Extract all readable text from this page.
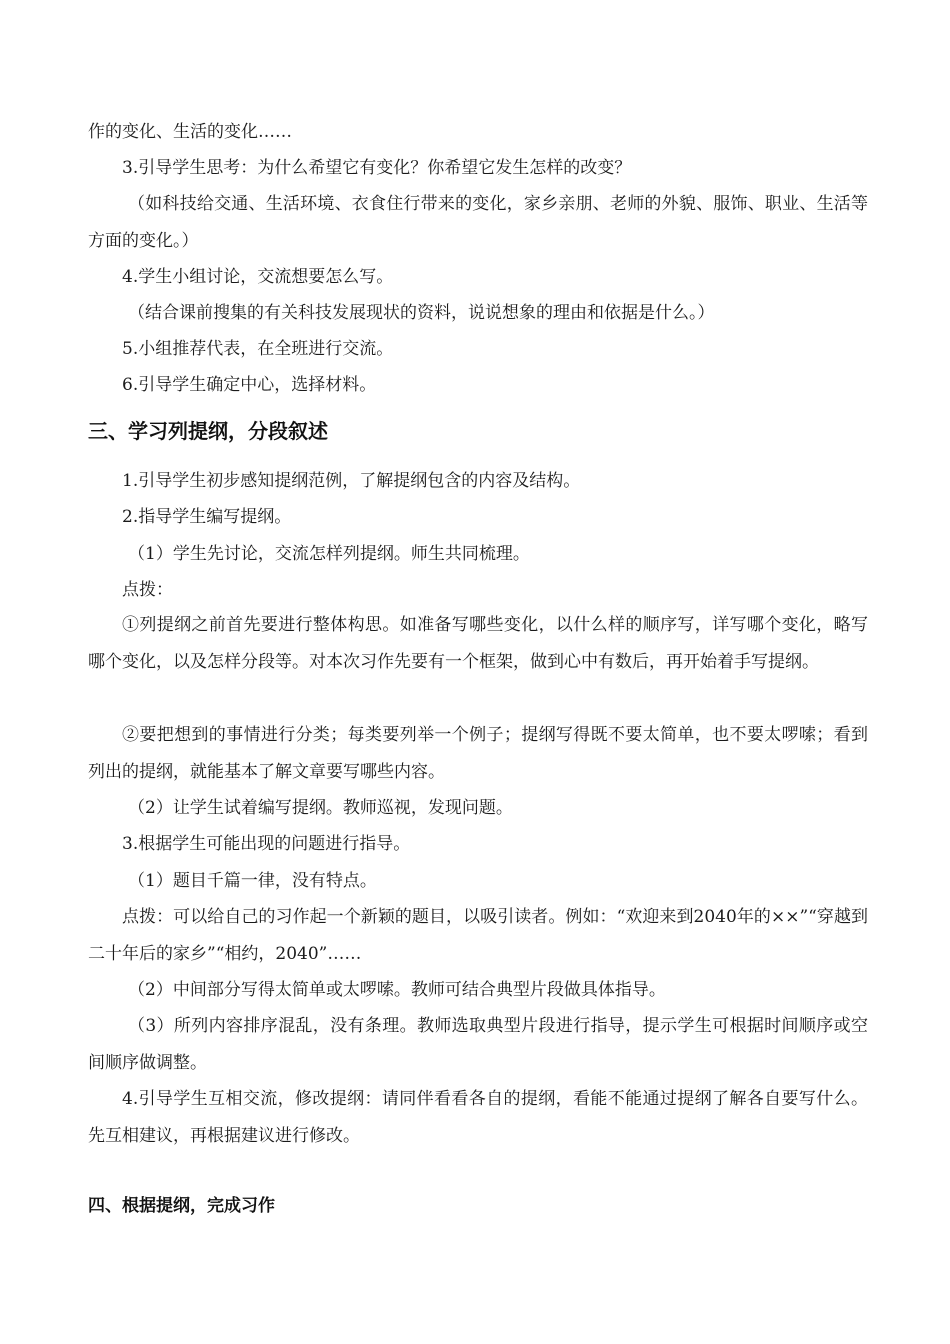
作的变化、生活的变化……

3.引导学生思考：为什么希望它有变化？你希望它发生怎样的改变？

（如科技给交通、生活环境、衣食住行带来的变化，家乡亲朋、老师的外貌、服饰、职业、生活等方面的变化。）

4.学生小组讨论，交流想要怎么写。

（结合课前搜集的有关科技发展现状的资料，说说想象的理由和依据是什么。）

5.小组推荐代表，在全班进行交流。

6.引导学生确定中心，选择材料。

三、学习列提纲，分段叙述

1.引导学生初步感知提纲范例，了解提纲包含的内容及结构。

2.指导学生编写提纲。

（1）学生先讨论，交流怎样列提纲。师生共同梳理。

点拨：

①列提纲之前首先要进行整体构思。如准备写哪些变化，以什么样的顺序写，详写哪个变化，略写哪个变化，以及怎样分段等。对本次习作先要有一个框架，做到心中有数后，再开始着手写提纲。

②要把想到的事情进行分类；每类要列举一个例子；提纲写得既不要太简单，也不要太啰嗦；看到列出的提纲，就能基本了解文章要写哪些内容。

（2）让学生试着编写提纲。教师巡视，发现问题。

3.根据学生可能出现的问题进行指导。

（1）题目千篇一律，没有特点。

点拨：可以给自己的习作起一个新颖的题目，以吸引读者。例如：“欢迎来到2040年的××”“穿越到二十年后的家乡”“相约，2040”……

（2）中间部分写得太简单或太啰嗦。教师可结合典型片段做具体指导。

（3）所列内容排序混乱，没有条理。教师选取典型片段进行指导，提示学生可根据时间顺序或空间顺序做调整。

4.引导学生互相交流，修改提纲：请同伴看看各自的提纲，看能不能通过提纲了解各自要写什么。先互相建议，再根据建议进行修改。

四、根据提纲，完成习作
